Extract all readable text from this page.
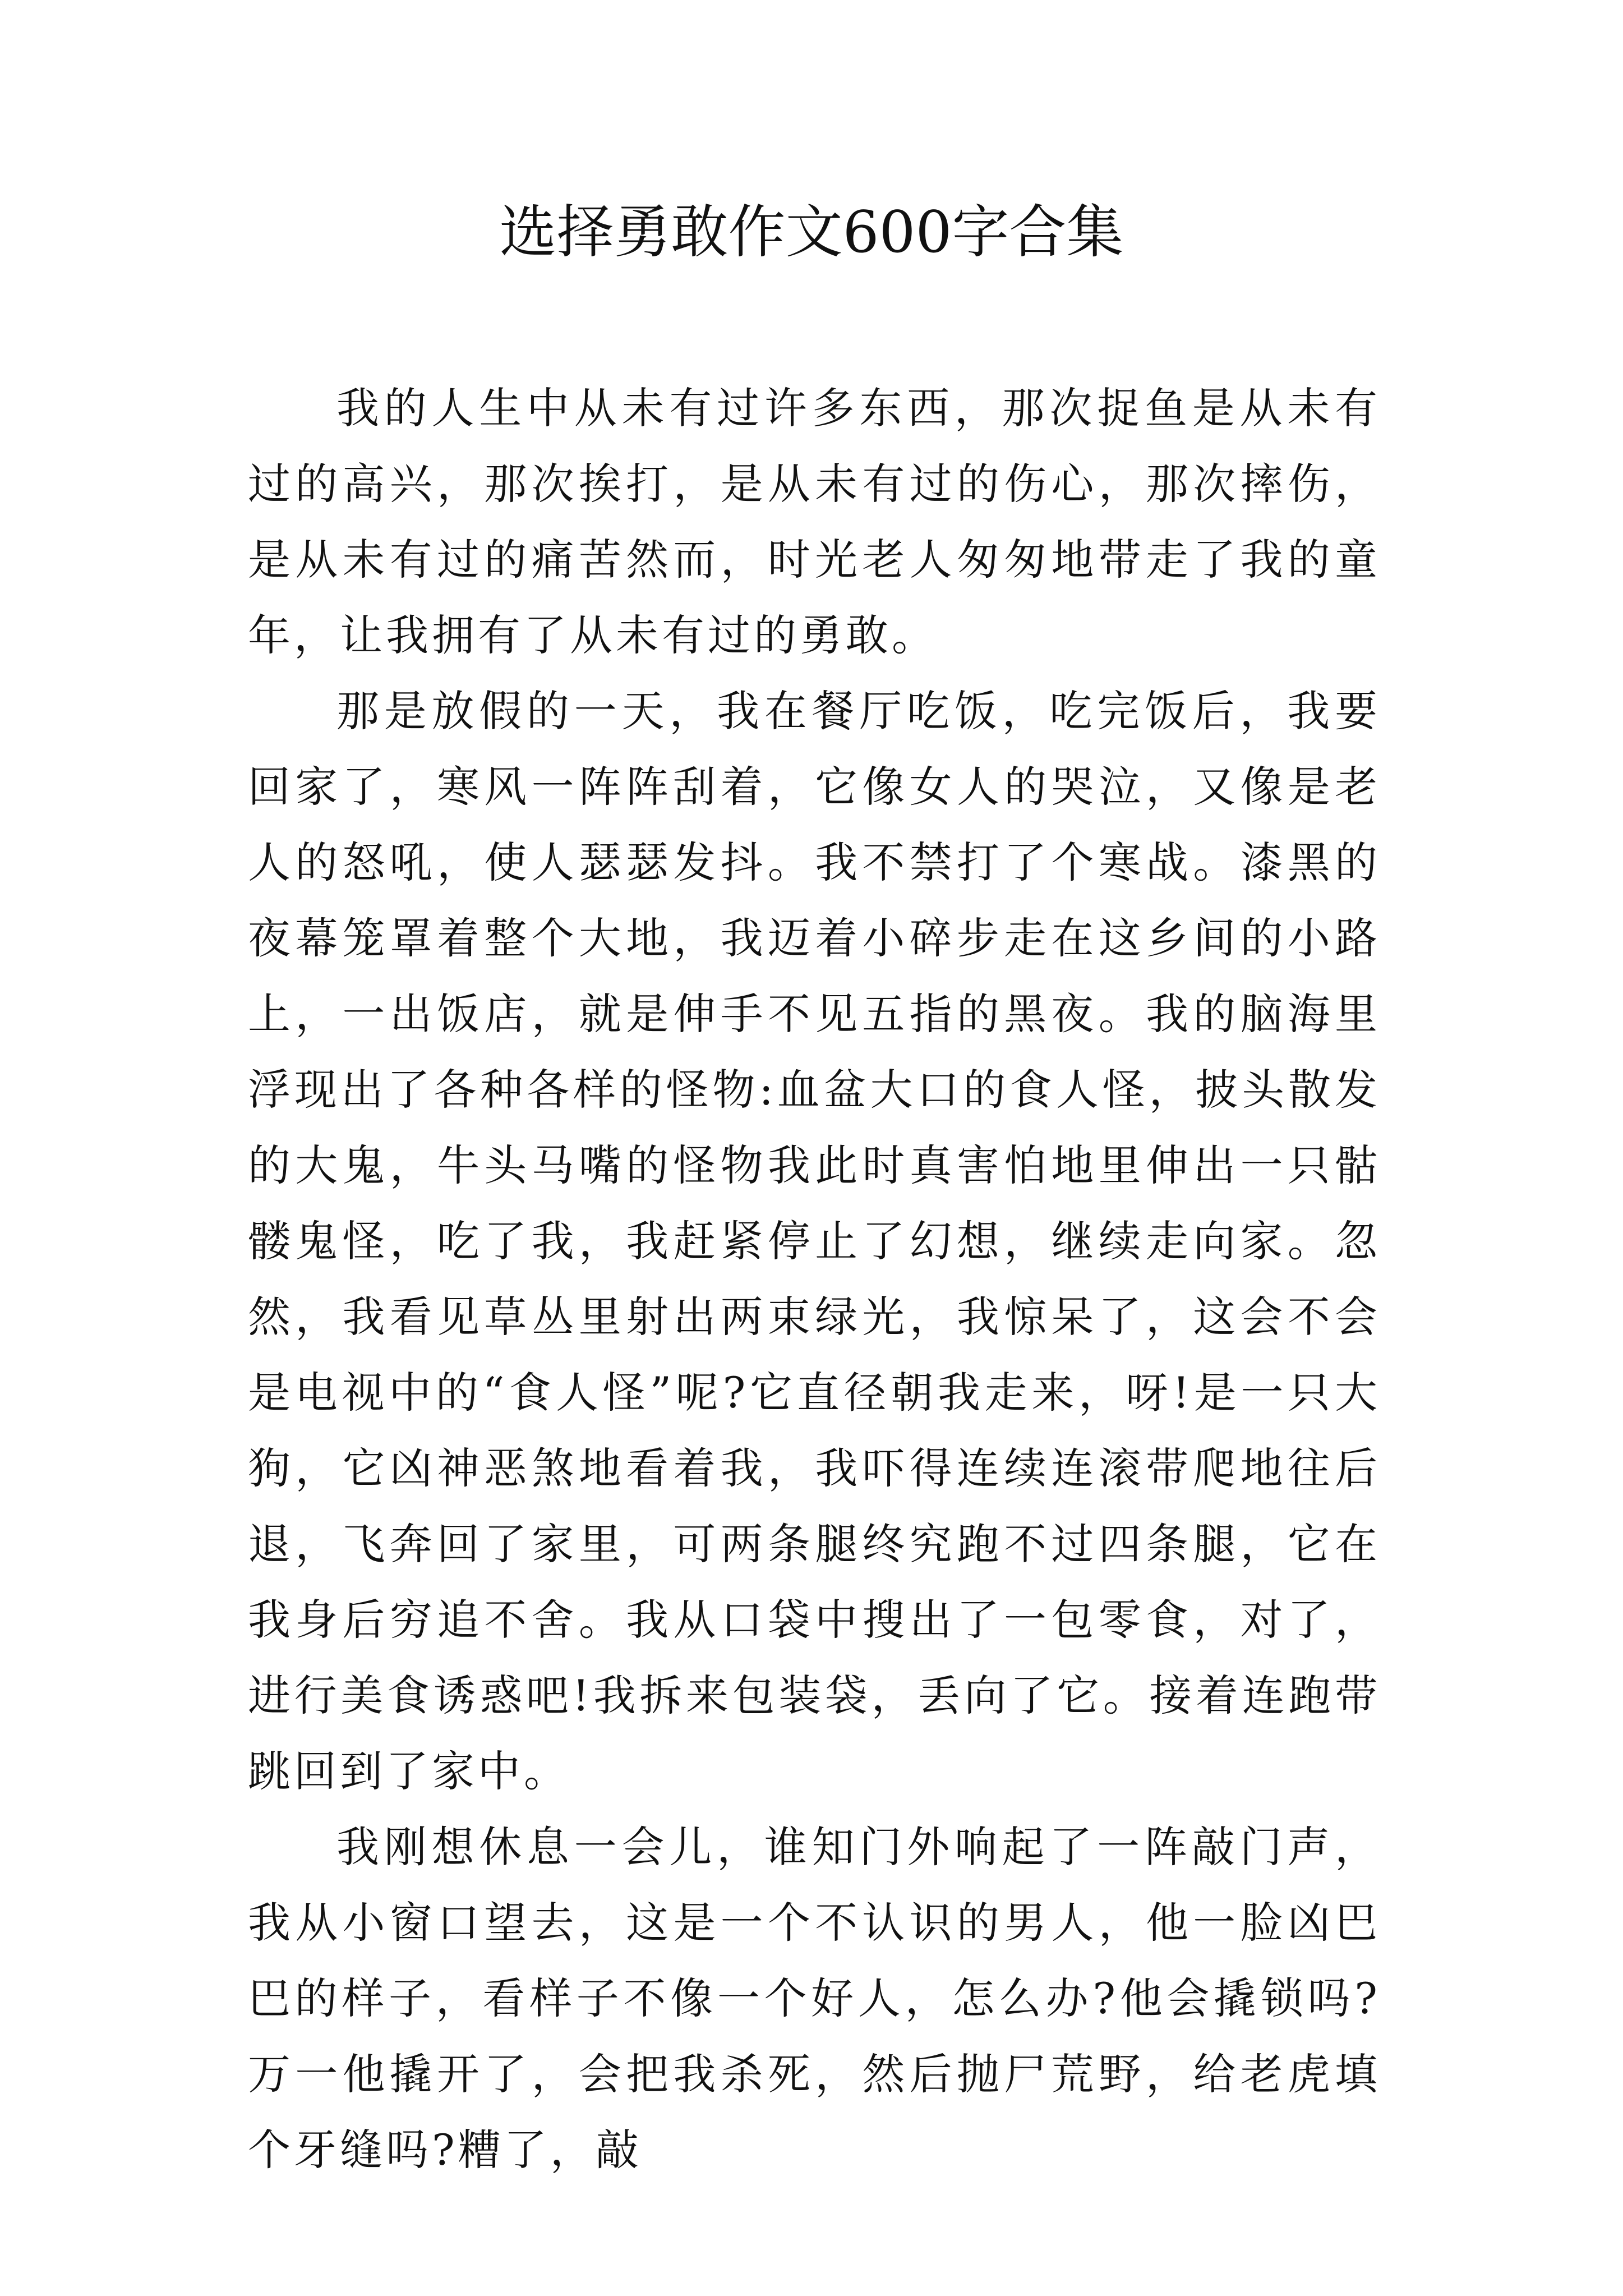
选择勇敢作文600字合集

我的人生中从未有过许多东西，那次捉鱼是从未有过的高兴，那次挨打，是从未有过的伤心，那次摔伤，是从未有过的痛苦然而，时光老人匆匆地带走了我的童年，让我拥有了从未有过的勇敢。

那是放假的一天，我在餐厅吃饭，吃完饭后，我要回家了，寒风一阵阵刮着，它像女人的哭泣，又像是老人的怒吼，使人瑟瑟发抖。我不禁打了个寒战。漆黑的夜幕笼罩着整个大地，我迈着小碎步走在这乡间的小路上，一出饭店，就是伸手不见五指的黑夜。我的脑海里浮现出了各种各样的怪物:血盆大口的食人怪，披头散发的大鬼，牛头马嘴的怪物我此时真害怕地里伸出一只骷髅鬼怪，吃了我，我赶紧停止了幻想，继续走向家。忽然，我看见草丛里射出两束绿光，我惊呆了，这会不会是电视中的“食人怪”呢?它直径朝我走来，呀!是一只大狗，它凶神恶煞地看着我，我吓得连续连滚带爬地往后退，飞奔回了家里，可两条腿终究跑不过四条腿，它在我身后穷追不舍。我从口袋中搜出了一包零食，对了，进行美食诱惑吧!我拆来包装袋，丢向了它。接着连跑带跳回到了家中。

我刚想休息一会儿，谁知门外响起了一阵敲门声，我从小窗口望去，这是一个不认识的男人，他一脸凶巴巴的样子，看样子不像一个好人，怎么办?他会撬锁吗?万一他撬开了，会把我杀死，然后抛尸荒野，给老虎填个牙缝吗?糟了，敲
